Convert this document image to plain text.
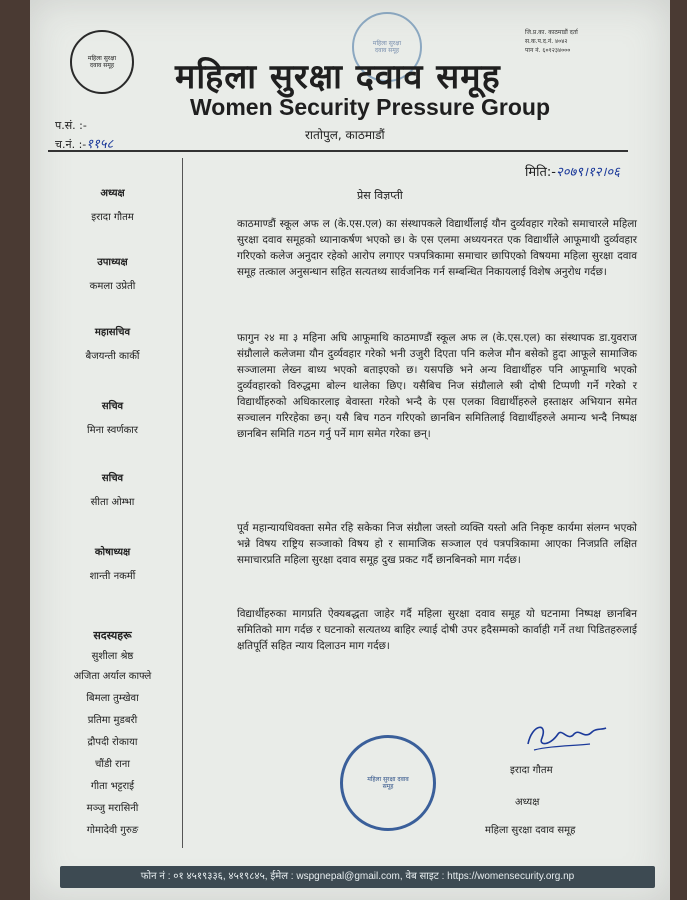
महिला सुरक्षा दवाव समूह
महिला सुरक्षा दवाव समूह
जि.प्र.का. काठमाडौं दर्ता
स.क.प.द.नं. ४०४२
पान नं. ६०१२३४०००
महिला सुरक्षा दवाव समूह
Women Security Pressure Group
रातोपुल, काठमाडौं
प.सं. :-
च.नं. :-११५८
अध्यक्ष
इरादा गौतम
उपाध्यक्ष
कमला उप्रेती
महासचिव
बैजयन्ती कार्की
सचिव
मिना स्वर्णकार
सचिव
सीता ओम्भा
कोषाध्यक्ष
शान्ती नकर्मी
सदस्यहरू
सुशीला श्रेष्ठ
अजिता अर्याल काफ्ले
बिमला तुम्खेवा
प्रतिमा मुडबरी
द्रौपदी रोकाया
चौंडी राना
गीता भट्टराई
मञ्जु मरासिनी
गोमादेवी गुरुङ
मिति:-२०७९।१२।०६
प्रेस विज्ञप्ती
काठमाण्डौं स्कूल अफ ल (के.एस.एल) का संस्थापकले विद्यार्थीलाई यौन दुर्व्यवहार गरेको समाचारले महिला सुरक्षा दवाव समूहको ध्यानाकर्षण भएको छ। के एस एलमा अध्ययनरत एक विद्यार्थीले आफूमाथी दुर्व्यवहार गरिएको कलेज अनुदार रहेको आरोप लगाएर पत्रपत्रिकामा समाचार छापिएको विषयमा महिला सुरक्षा दवाव समूह तत्काल अनुसन्धान सहित सत्यतथ्य सार्वजनिक गर्न सम्बन्धित निकायलाई विशेष अनुरोध गर्दछ।
फागुन २४ मा ३ महिना अघि आफूमाथि काठमाण्डौं स्कूल अफ ल (के.एस.एल) का संस्थापक डा.युवराज संग्रौलाले कलेजमा यौन दुर्व्यवहार गरेको भनी उजुरी दिएता पनि कलेज मौन बसेको हुदा आफूले सामाजिक सञ्जालमा लेख्न बाध्य भएको बताइएको छ। यसपछि भने अन्य विद्यार्थीहरु पनि आफूमाथि भएको दुर्व्यवहारको विरुद्धमा बोल्न थालेका छिए। यसैबिच निज संग्रौलाले स्त्री दोषी टिप्पणी गर्ने गरेको र विद्यार्थीहरुको अधिकारलाइ बेवास्ता गरेको भन्दै के एस एलका विद्यार्थीहरुले हस्ताक्षर अभियान समेत सञ्चालन गरिरहेका छन्। यसै बिच गठन गरिएको छानबिन समितिलाई विद्यार्थीहरुले अमान्य भन्दै निष्पक्ष छानबिन समिति गठन गर्नु पर्ने माग समेत गरेका छन्।
पूर्व महान्यायधिवक्ता समेत रहि सकेका निज संग्रौला जस्तो व्यक्ति यस्तो अति निकृष्ट कार्यमा संलग्न भएको भन्ने विषय राष्ट्रिय सञ्जाको विषय हो र सामाजिक सञ्जाल एवं पत्रपत्रिकामा आएका निजप्रति लक्षित समाचारप्रति महिला सुरक्षा दवाव समूह दुख प्रकट गर्दै छानबिनको माग गर्दछ।
विद्यार्थीहरुका मागप्रति ऐक्यबद्धता जाहेर गर्दै महिला सुरक्षा दवाव समूह यो घटनामा निष्पक्ष छानबिन समितिको माग गर्दछ र घटनाको सत्यतथ्य बाहिर ल्याई दोषी उपर हदैसम्मको कार्वाही गर्ने तथा पिडितहरुलाई क्षतिपूर्ति सहित न्याय दिलाउन माग गर्दछ।
महिला सुरक्षा दवाव समूह
इरादा गौतम
अध्यक्ष
महिला सुरक्षा दवाव समूह
फोन नं : ०१ ४५१९३३६, ४५१९८४५, ईमेल : wspgnepal@gmail.com, वेब साइट : https://womensecurity.org.np
